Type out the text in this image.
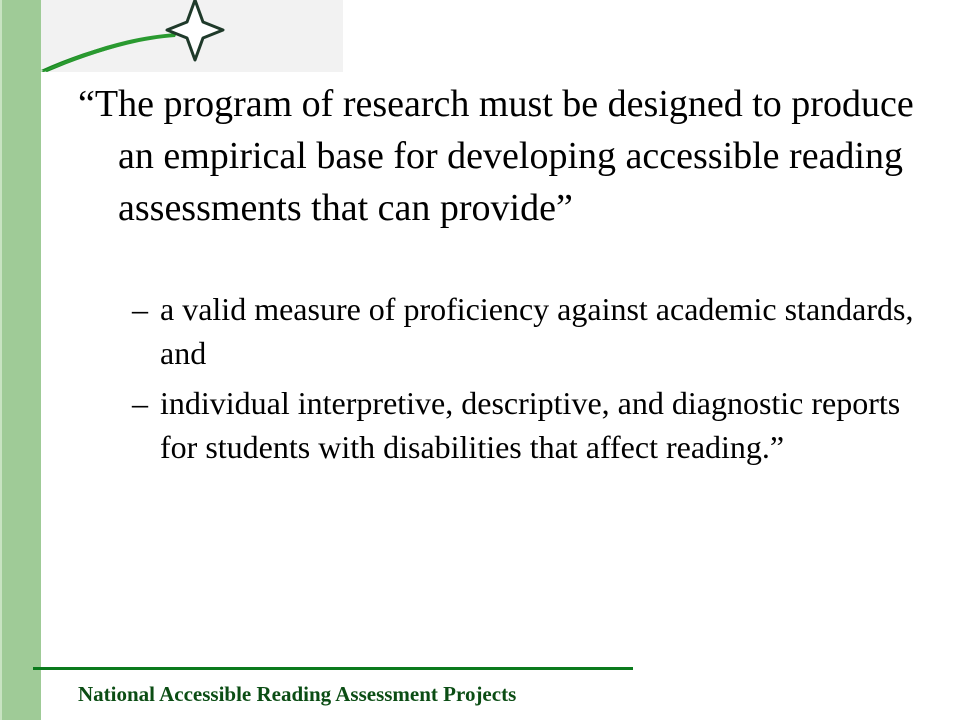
“The program of research must be designed to produce an empirical base for developing accessible reading assessments that can provide”

– a valid measure of proficiency against academic standards, and
– individual interpretive, descriptive, and diagnostic reports for students with disabilities that affect reading.”
National Accessible Reading Assessment Projects
